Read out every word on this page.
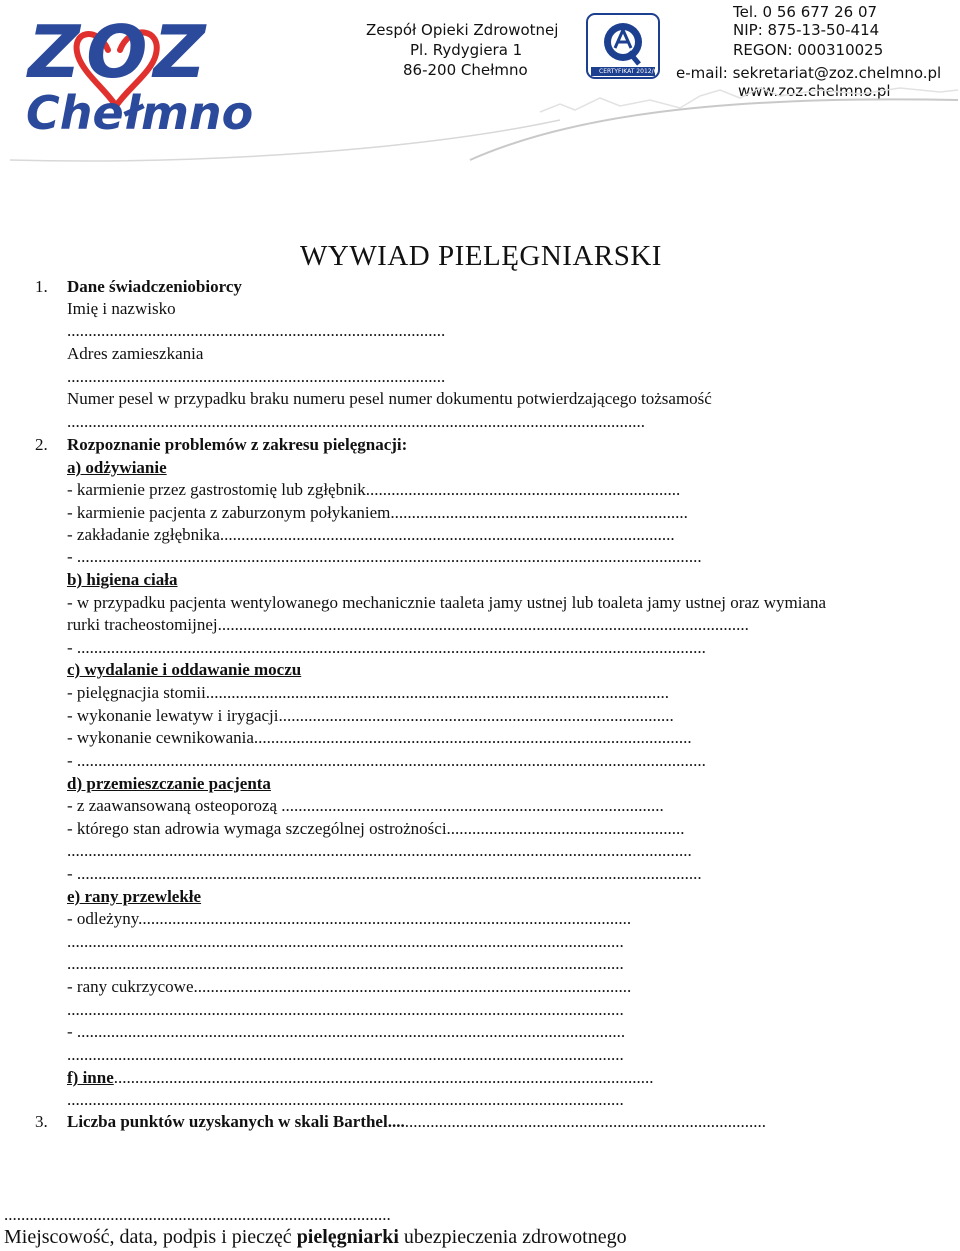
ZOZ
Chełmno
Zespół Opieki Zdrowotnej
Pl. Rydygiera 1
86-200 Chełmno	CERTYFIKAT 2012/6
Tel. 0 56 677 26 07
NIP: 875-13-50-414
REGON: 000310025
e-mail: sekretariat@zoz.chelmno.pl
www.zoz.chelmno.pl
WYWIAD PIELĘGNIARSKI
1. Dane świadczeniobiorcy
Imię i nazwisko
.........................................................................................
Adres zamieszkania
.........................................................................................
Numer pesel w przypadku braku numeru pesel numer dokumentu potwierdzającego tożsamość
........................................................................................................................................
2. Rozpoznanie problemów z zakresu pielęgnacji:
a) odżywianie
- karmienie przez gastrostomię lub zgłębnik..........................................................................
- karmienie pacjenta z zaburzonym połykaniem......................................................................
- zakładanie zgłębnika...........................................................................................................
- ...................................................................................................................................................
b) higiena ciała
- w przypadku pacjenta wentylowanego mechanicznie taaleta jamy ustnej lub toaleta jamy ustnej oraz wymiana
rurki tracheostomijnej.............................................................................................................................
- ....................................................................................................................................................
c) wydalanie i oddawanie moczu
- pielęgnacjia stomii.............................................................................................................
- wykonanie lewatyw i irygacji.............................................................................................
- wykonanie cewnikowania.......................................................................................................
- ....................................................................................................................................................
d) przemieszczanie pacjenta
- z zaawansowaną osteoporozą ..........................................................................................
- którego stan adrowia wymaga szczególnej ostrożności........................................................
...................................................................................................................................................
- ...................................................................................................................................................
e) rany przewlekłe
- odleżyny....................................................................................................................
...................................................................................................................................
...................................................................................................................................
- rany cukrzycowe.......................................................................................................
...................................................................................................................................
- .................................................................................................................................
...................................................................................................................................
f) inne...............................................................................................................................
...................................................................................................................................
3. Liczba punktów uzyskanych w skali Barthel.........................................................................................
...........................................................................................
Miejscowość, data, podpis i pieczęć pielęgniarki ubezpieczenia zdrowotnego
